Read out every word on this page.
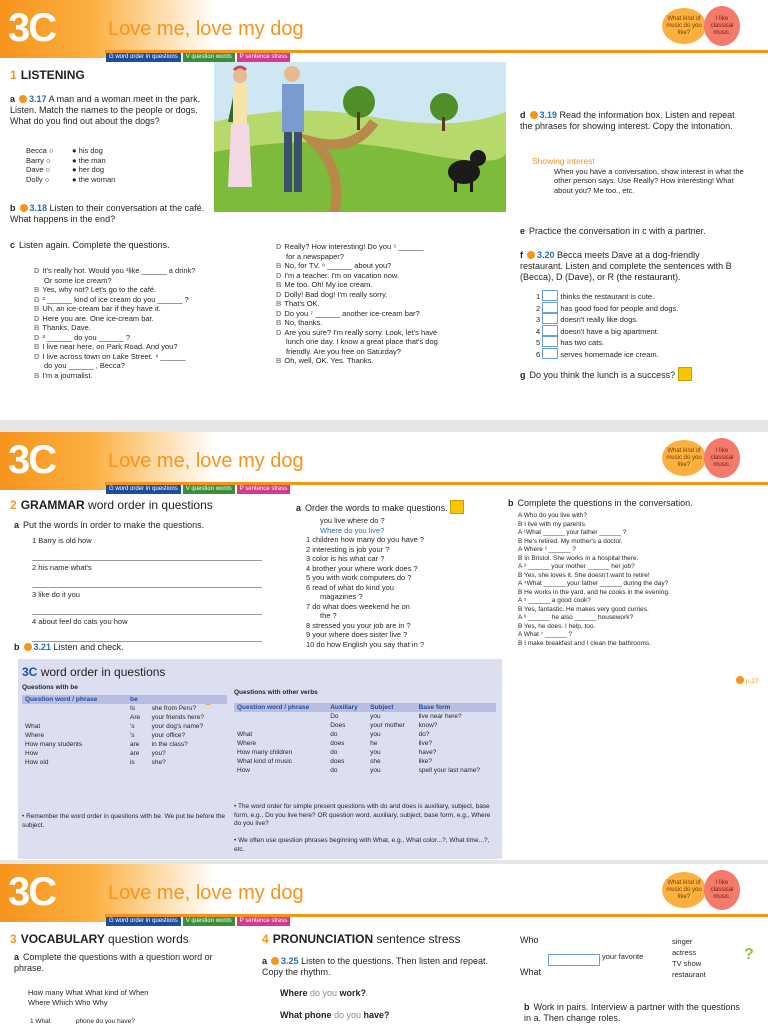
3C	Love me, love my dog
G word order in questions	V question words	P sentence stress
What kind of music do you like?
I like classical music.
1 LISTENING
a 3.17 A man and a woman meet in the park. Listen. Match the names to the people or dogs. What do you find out about the dogs?
Becca ○
Barry ○
Dave ○
Dolly ○
● his dog
● the man
● her dog
● the woman
b 3.18 Listen to their conversation at the café. What happens in the end?
c Listen again. Complete the questions.
D It's really hot. Would you ¹like ______ a drink?
Or some ice cream?
B Yes, why not? Let's go to the café.
D ² ______ kind of ice cream do you ______ ?
B Uh, an ice-cream bar if they have it.
D Here you are. One ice-cream bar.
B Thanks, Dave.
D ³ ______ do you ______ ?
B I live near here, on Park Road. And you?
D I live across town on Lake Street. ⁴ ______
do you ______ , Becca?
B I'm a journalist.
D Really? How interesting! Do you ⁵ ______
for a newspaper?
B No, for TV. ⁶ ______ about you?
D I'm a teacher. I'm on vacation now.
B Me too. Oh! My ice cream.
D Dolly! Bad dog! I'm really sorry.
B That's OK.
D Do you ⁷ ______ another ice-cream bar?
B No, thanks.
D Are you sure? I'm really sorry. Look, let's have
lunch one day. I know a great place that's dog
friendly. Are you free on Saturday?
B Oh, well, OK. Yes. Thanks.
d 3.19 Read the information box. Listen and repeat the phrases for showing interest. Copy the intonation.
Showing interest
When you have a conversation, show interest in what the other person says. Use Really? How interesting! What about you? Me too., etc.
e Practice the conversation in c with a partner.
f 3.20 Becca meets Dave at a dog-friendly restaurant. Listen and complete the sentences with B (Becca), D (Dave), or R (the restaurant).
1	thinks the restaurant is cute.
2	has good food for people and dogs.
3	doesn't really like dogs.
4	doesn't have a big apartment.
5	has two cats.
6	serves homemade ice cream.
g Do you think the lunch is a success?
3C	Love me, love my dog
G word order in questions	V question words	P sentence stress
What kind of music do you like?
I like classical music.
2 GRAMMAR word order in questions
a Put the words in order to make the questions.
1 Barry is old how
2 his name what's
3 like do it you
4 about feel do cats you how
b 3.21 Listen and check.
3C word order in questions
Questions with be
Question word / phrase	be	
	Is	she from Peru?
	Are	your friends here?
What	's	your dog's name?
Where	's	your office?
How many students	are	in the class?
How	are	you?
How old	is	she?
• Remember the word order in questions with be. We put be before the subject.
Questions with other verbs
Question word / phrase	Auxiliary	Subject	Base form
	Do	you	live near here?
	Does	your mother	know?
What	do	you	do?
Where	does	he	live?
How many children	do	you	have?
What kind of music	does	she	like?
How	do	you	spell your last name?
• The word order for simple present questions with do and does is auxiliary, subject, base form, e.g., Do you live here? OR question word, auxiliary, subject, base form, e.g., Where do you live?
• We often use question phrases beginning with What, e.g., What color...?, What time...?, etc.
a Order the words to make questions.
you live where do ?
Where do you live?
1 children how many do you have ?
2 interesting is job your ?
3 color is his what car ?
4 brother your where work does ?
5 you with work computers do ?
6 read of what do kind you
magazines ?
7 do what does weekend he on
the ?
8 stressed you your job are in ?
9 your where does sister live ?
10 do how English you say that in ?
b Complete the questions in the conversation.
A Who do you live with?
B I live with my parents.
A ¹What ______ your father ______ ?
B He's retired. My mother's a doctor.
A Where ² ______ ?
B In Bristol. She works in a hospital there.
A ³ ______ your mother ______ her job?
B Yes, she loves it. She doesn't want to retire!
A ⁴What ______ your father ______ during the day?
B He works in the yard, and he cooks in the evening.
A ⁵ ______ a good cook?
B Yes, fantastic. He makes very good curries.
A ⁶ ______ he also ______ housework?
B Yes, he does. I help, too.
A What ⁷ ______ ?
B I make breakfast and I clean the bathrooms.
p.27
3C	Love me, love my dog
G word order in questions	V question words	P sentence stress
What kind of music do you like?
I like classical music.
3 VOCABULARY question words
a Complete the questions with a question word or phrase.
How many What What kind of When
Where Which Who Why
1 What ______ phone do you have?
4 PRONUNCIATION sentence stress
a 3.25 Listen to the questions. Then listen and repeat. Copy the rhythm.
Where do you work?
What phone do you have?
Who
What
your favorite
singer
actress
TV show
restaurant
?
b Work in pairs. Interview a partner with the questions in a. Then change roles.
